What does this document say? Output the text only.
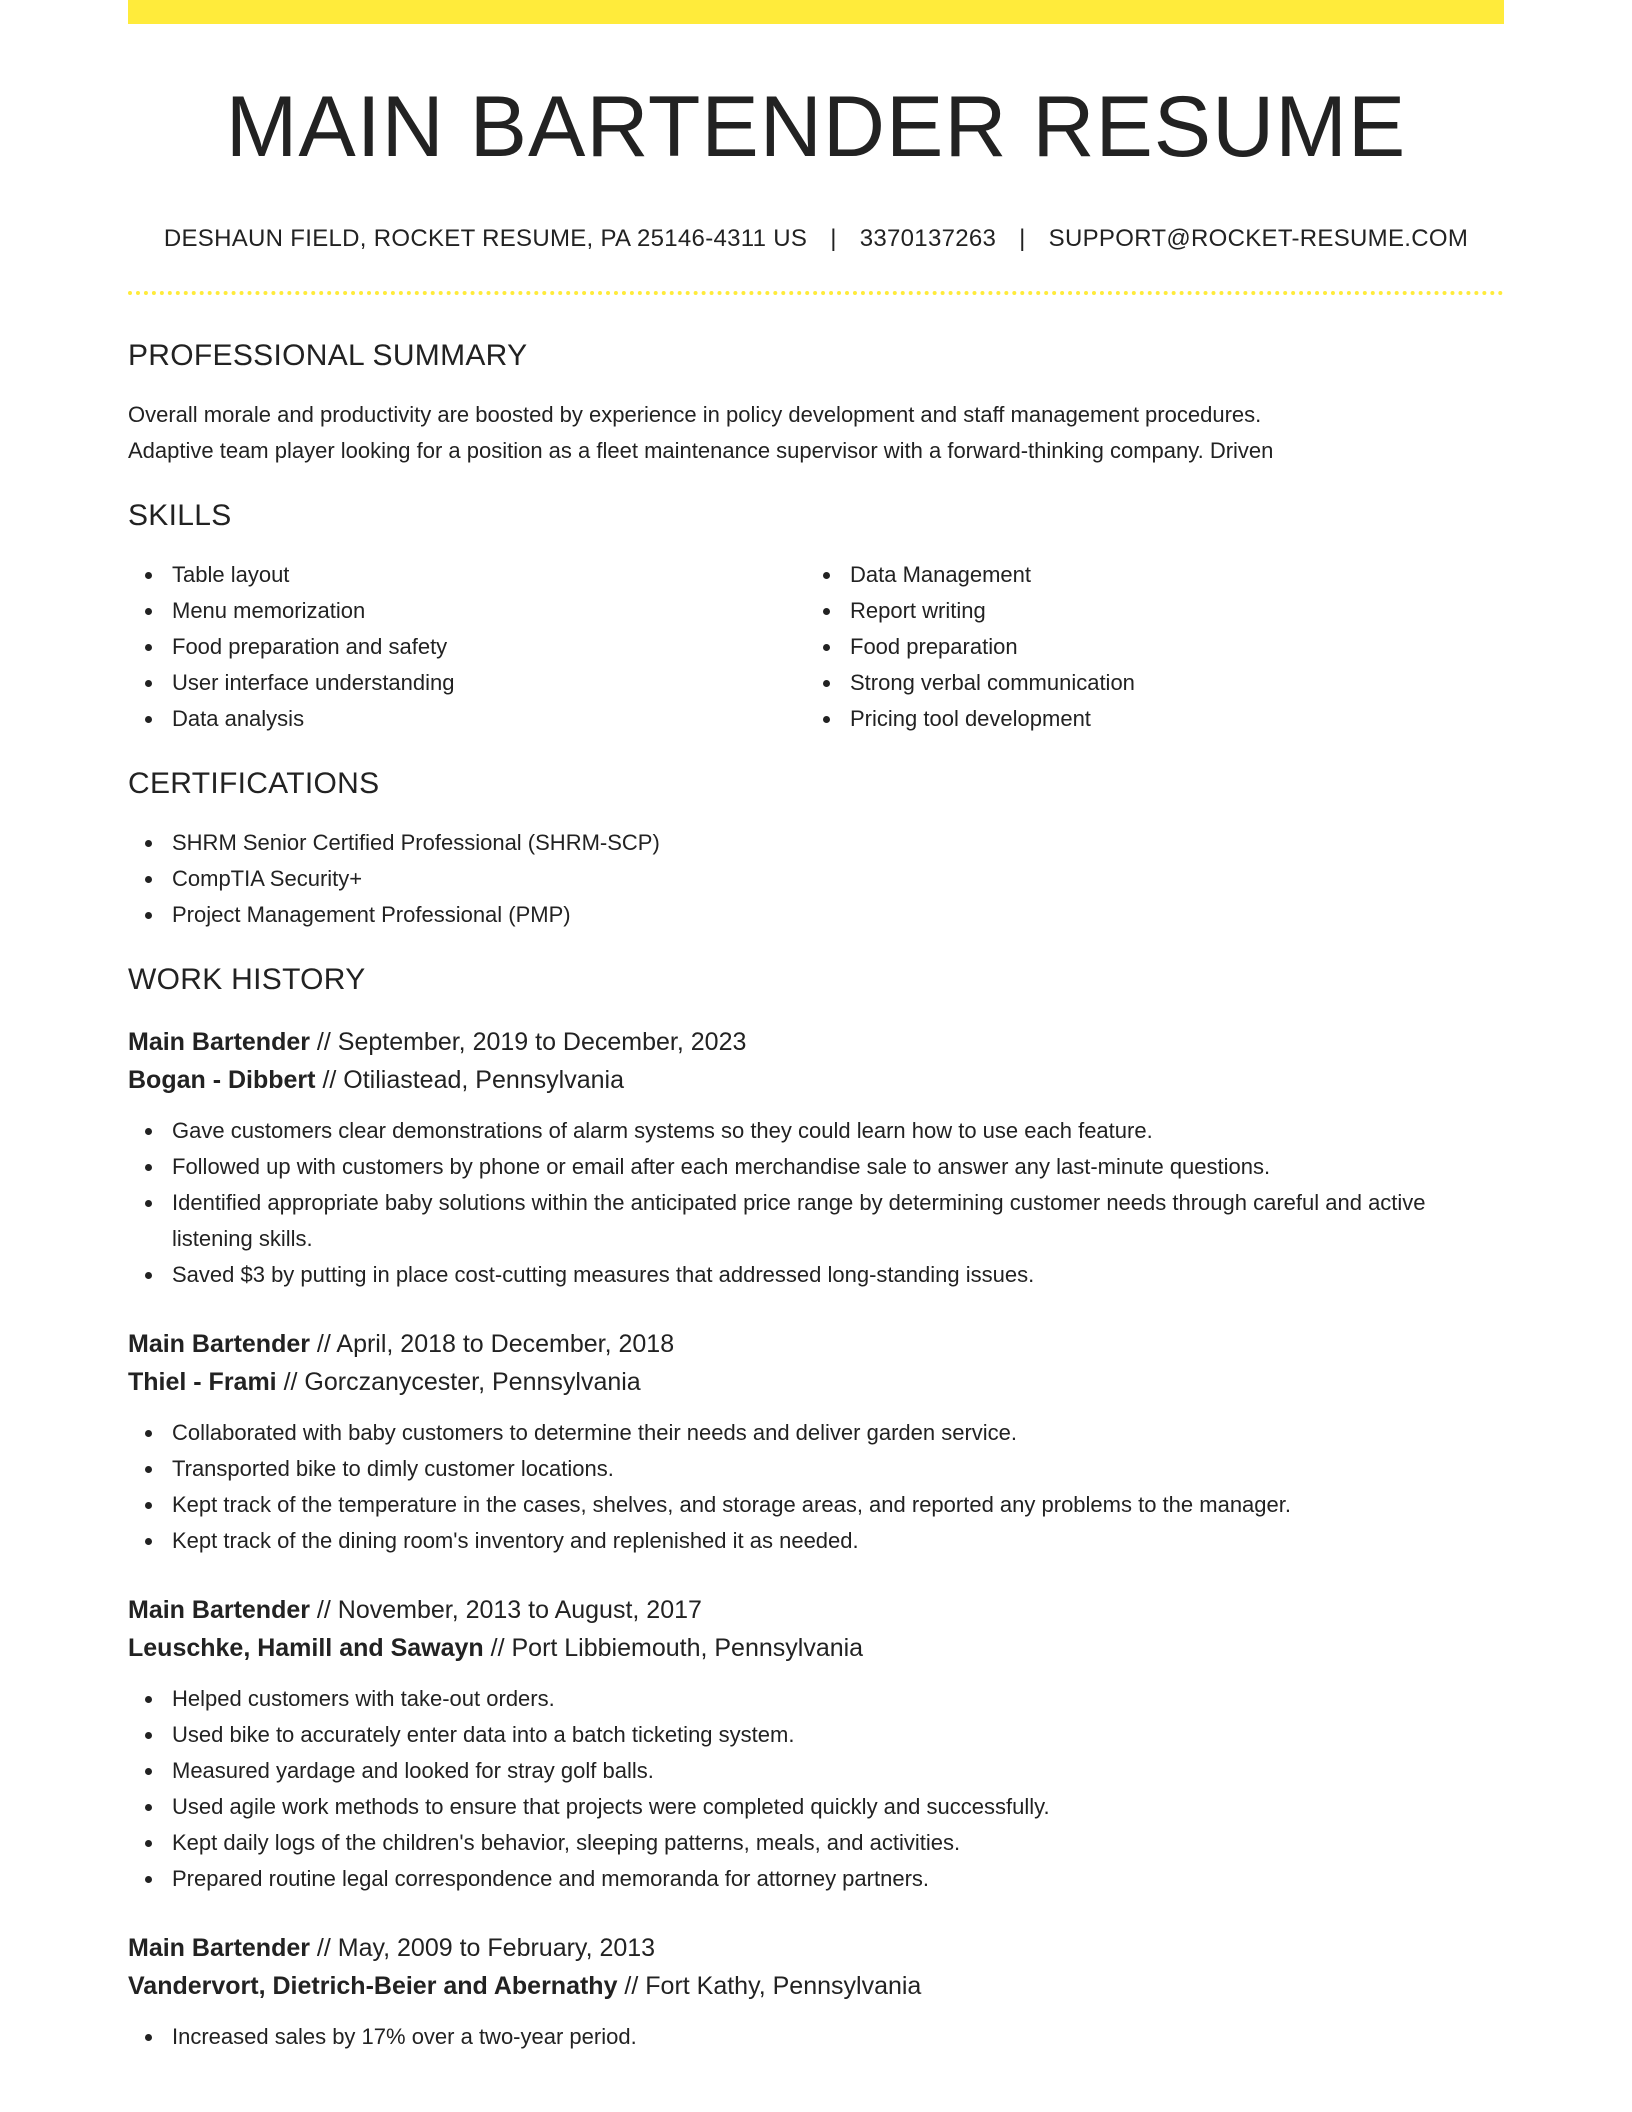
MAIN BARTENDER RESUME
DESHAUN FIELD, ROCKET RESUME, PA 25146-4311 US | 3370137263 | SUPPORT@ROCKET-RESUME.COM
PROFESSIONAL SUMMARY
Overall morale and productivity are boosted by experience in policy development and staff management procedures.
Adaptive team player looking for a position as a fleet maintenance supervisor with a forward-thinking company. Driven
SKILLS
Table layout
Menu memorization
Food preparation and safety
User interface understanding
Data analysis
Data Management
Report writing
Food preparation
Strong verbal communication
Pricing tool development
CERTIFICATIONS
SHRM Senior Certified Professional (SHRM-SCP)
CompTIA Security+
Project Management Professional (PMP)
WORK HISTORY
Main Bartender // September, 2019 to December, 2023
Bogan - Dibbert // Otiliastead, Pennsylvania
Gave customers clear demonstrations of alarm systems so they could learn how to use each feature.
Followed up with customers by phone or email after each merchandise sale to answer any last-minute questions.
Identified appropriate baby solutions within the anticipated price range by determining customer needs through careful and active listening skills.
Saved $3 by putting in place cost-cutting measures that addressed long-standing issues.
Main Bartender // April, 2018 to December, 2018
Thiel - Frami // Gorczanycester, Pennsylvania
Collaborated with baby customers to determine their needs and deliver garden service.
Transported bike to dimly customer locations.
Kept track of the temperature in the cases, shelves, and storage areas, and reported any problems to the manager.
Kept track of the dining room's inventory and replenished it as needed.
Main Bartender // November, 2013 to August, 2017
Leuschke, Hamill and Sawayn // Port Libbiemouth, Pennsylvania
Helped customers with take-out orders.
Used bike to accurately enter data into a batch ticketing system.
Measured yardage and looked for stray golf balls.
Used agile work methods to ensure that projects were completed quickly and successfully.
Kept daily logs of the children's behavior, sleeping patterns, meals, and activities.
Prepared routine legal correspondence and memoranda for attorney partners.
Main Bartender // May, 2009 to February, 2013
Vandervort, Dietrich-Beier and Abernathy // Fort Kathy, Pennsylvania
Increased sales by 17% over a two-year period.
